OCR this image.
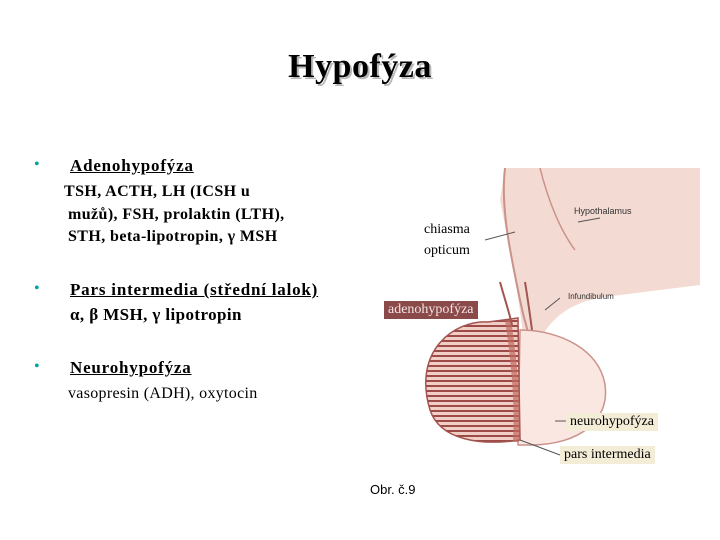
Hypofýza
• Adenohypofýza
TSH, ACTH, LH (ICSH u
mužů), FSH, prolaktin (LTH),
STH, beta-lipotropin, γ MSH
• Pars intermedia (střední lalok)
α, β MSH, γ lipotropin
• Neurohypofýza
vasopresin (ADH), oxytocin
chiasma
opticum
Hypothalamus
Infundibulum
adenohypofýza
neurohypofýza
pars intermedia
Obr. č.9
